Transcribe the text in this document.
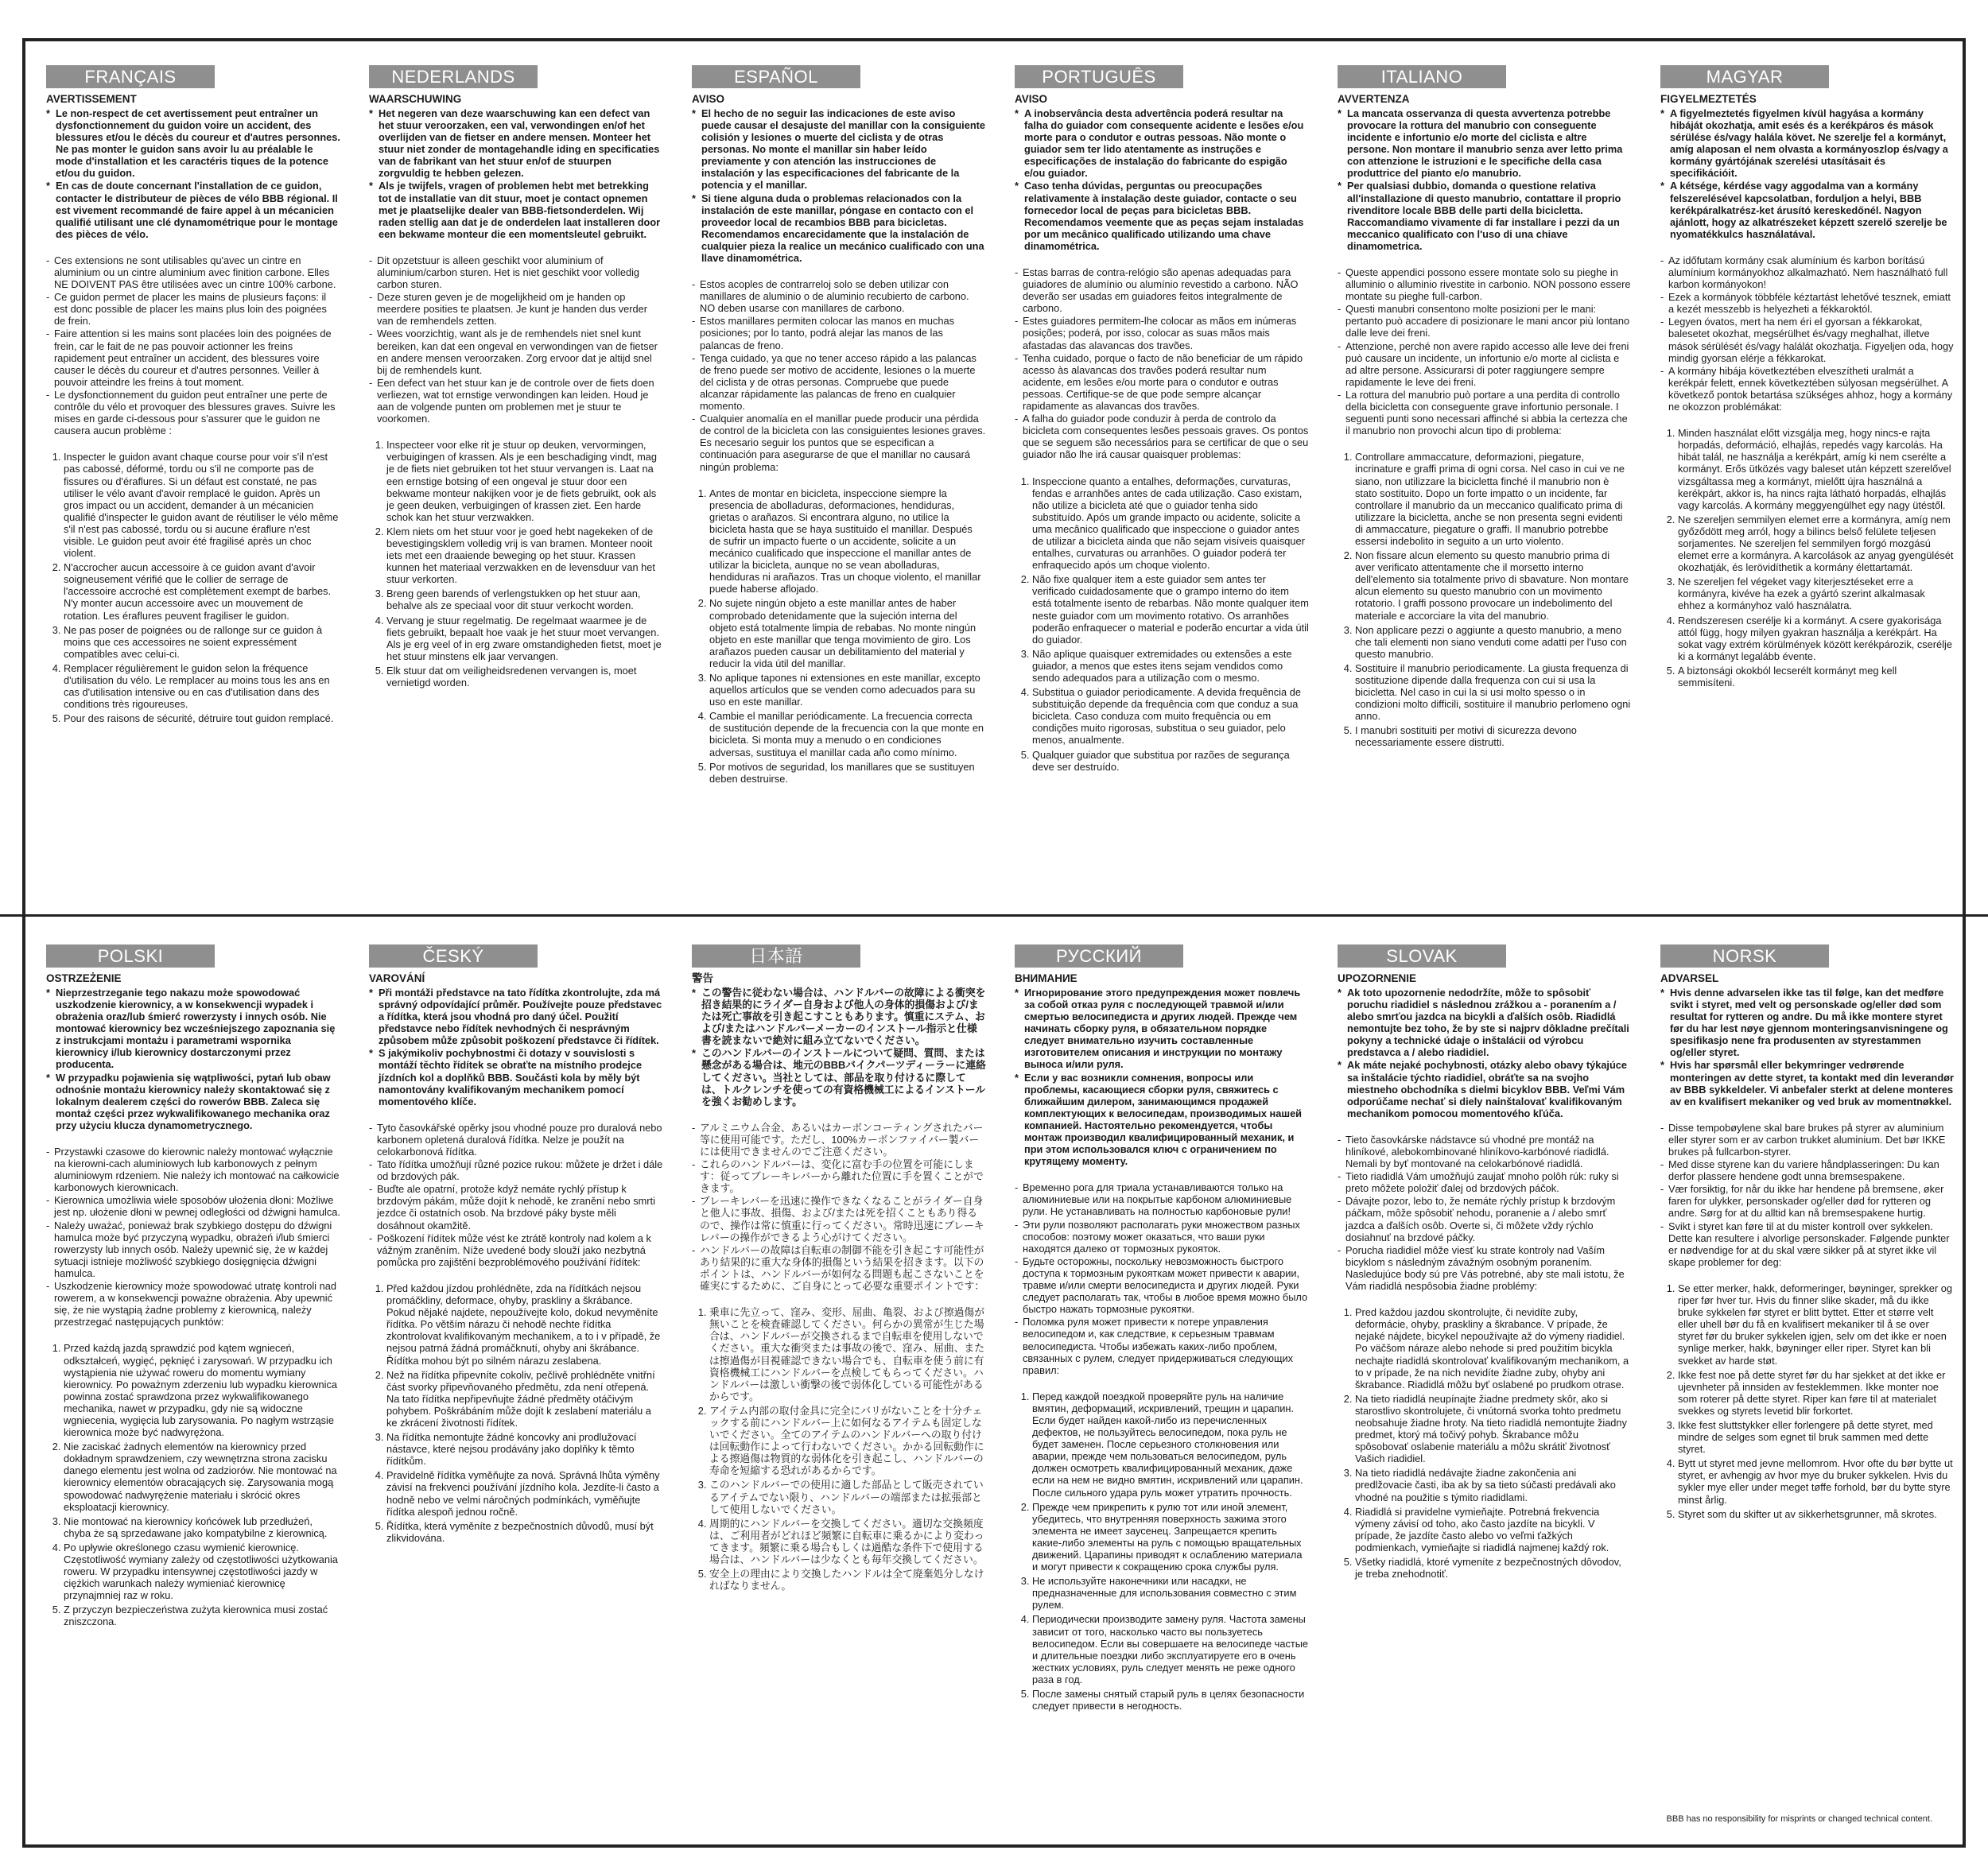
FRANÇAIS
AVERTISSEMENT
* Le non-respect de cet avertissement peut entraîner un dysfonctionnement du guidon voire un accident, des blessures et/ou le décès du coureur et d'autres personnes. Ne pas monter le guidon sans avoir lu au préalable le mode d'installation et les caractéris tiques de la potence et/ou du guidon.
* En cas de doute concernant l'installation de ce guidon, contacter le distributeur de pièces de vélo BBB régional. Il est vivement recommandé de faire appel à un mécanicien qualifié utilisant une clé dynamométrique pour le montage des pièces de vélo.
- Ces extensions ne sont utilisables qu'avec un cintre en aluminium ou un cintre aluminium avec finition carbone. Elles NE DOIVENT PAS être utilisées avec un cintre 100% carbone.
- Ce guidon permet de placer les mains de plusieurs façons: il est donc possible de placer les mains plus loin des poignées de frein.
- Faire attention si les mains sont placées loin des poignées de frein, car le fait de ne pas pouvoir actionner les freins rapidement peut entraîner un accident, des blessures voire causer le décès du coureur et d'autres personnes. Veiller à pouvoir atteindre les freins à tout moment.
- Le dysfonctionnement du guidon peut entraîner une perte de contrôle du vélo et provoquer des blessures graves. Suivre les mises en garde ci-dessous pour s'assurer que le guidon ne causera aucun problème :
1. Inspecter le guidon avant chaque course pour voir s'il n'est pas cabossé, déformé, tordu ou s'il ne comporte pas de fissures ou d'éraflures. Si un défaut est constaté, ne pas utiliser le vélo avant d'avoir remplacé le guidon. Après un gros impact ou un accident, demander à un mécanicien qualifié d'inspecter le guidon avant de réutiliser le vélo même s'il n'est pas cabossé, tordu ou si aucune éraflure n'est visible. Le guidon peut avoir été fragilisé après un choc violent.
2. N'accrocher aucun accessoire à ce guidon avant d'avoir soigneusement vérifié que le collier de serrage de l'accessoire accroché est complètement exempt de barbes. N'y monter aucun accessoire avec un mouvement de rotation. Les éraflures peuvent fragiliser le guidon.
3. Ne pas poser de poignées ou de rallonge sur ce guidon à moins que ces accessoires ne soient expressément compatibles avec celui-ci.
4. Remplacer régulièrement le guidon selon la fréquence d'utilisation du vélo. Le remplacer au moins tous les ans en cas d'utilisation intensive ou en cas d'utilisation dans des conditions très rigoureuses.
5. Pour des raisons de sécurité, détruire tout guidon remplacé.
NEDERLANDS
WAARSCHUWING
* Het negeren van deze waarschuwing kan een defect van het stuur veroorzaken, een val, verwondingen en/of het overlijden van de fietser en andere mensen. Monteer het stuur niet zonder de montagehandle iding en specificaties van de fabrikant van het stuur en/of de stuurpen zorgvuldig te hebben gelezen.
* Als je twijfels, vragen of problemen hebt met betrekking tot de installatie van dit stuur, moet je contact opnemen met je plaatselijke dealer van BBB-fietsonderdelen. Wij raden stellig aan dat je de onderdelen laat installeren door een bekwame monteur die een momentsleutel gebruikt.
- Dit opzetstuur is alleen geschikt voor aluminium of aluminium/carbon sturen. Het is niet geschikt voor volledig carbon sturen.
- Deze sturen geven je de mogelijkheid om je handen op meerdere posities te plaatsen. Je kunt je handen dus verder van de remhendels zetten.
- Wees voorzichtig, want als je de remhendels niet snel kunt bereiken, kan dat een ongeval en verwondingen van de fietser en andere mensen veroorzaken. Zorg ervoor dat je altijd snel bij de remhendels kunt.
- Een defect van het stuur kan je de controle over de fiets doen verliezen, wat tot ernstige verwondingen kan leiden. Houd je aan de volgende punten om problemen met je stuur te voorkomen.
1. Inspecteer voor elke rit je stuur op deuken, vervormingen, verbuigingen of krassen. Als je een beschadiging vindt, mag je de fiets niet gebruiken tot het stuur vervangen is. Laat na een ernstige botsing of een ongeval je stuur door een bekwame monteur nakijken voor je de fiets gebruikt, ook als je geen deuken, verbuigingen of krassen ziet. Een harde schok kan het stuur verzwakken.
2. Klem niets om het stuur voor je goed hebt nagekeken of de bevestigingsklem volledig vrij is van bramen. Monteer nooit iets met een draaiende beweging op het stuur. Krassen kunnen het materiaal verzwakken en de levensduur van het stuur verkorten.
3. Breng geen barends of verlengstukken op het stuur aan, behalve als ze speciaal voor dit stuur verkocht worden.
4. Vervang je stuur regelmatig. De regelmaat waarmee je de fiets gebruikt, bepaalt hoe vaak je het stuur moet vervangen. Als je erg veel of in erg zware omstandigheden fietst, moet je het stuur minstens elk jaar vervangen.
5. Elk stuur dat om veiligheidsredenen vervangen is, moet vernietigd worden.
ESPAÑOL
AVISO
* El hecho de no seguir las indicaciones de este aviso puede causar el desajuste del manillar con la consiguiente colisión y lesiones o muerte del ciclista y de otras personas. No monte el manillar sin haber leído previamente y con atención las instrucciones de instalación y las especificaciones del fabricante de la potencia y el manillar.
* Si tiene alguna duda o problemas relacionados con la instalación de este manillar, póngase en contacto con el proveedor local de recambios BBB para bicicletas. Recomendamos encarecidamente que la instalación de cualquier pieza la realice un mecánico cualificado con una llave dinamométrica.
- Estos acoples de contrarreloj solo se deben utilizar con manillares de aluminio o de aluminio recubierto de carbono. NO deben usarse con manillares de carbono.
- Estos manillares permiten colocar las manos en muchas posiciones; por lo tanto, podrá alejar las manos de las palancas de freno.
- Tenga cuidado, ya que no tener acceso rápido a las palancas de freno puede ser motivo de accidente, lesiones o la muerte del ciclista y de otras personas. Compruebe que puede alcanzar rápidamente las palancas de freno en cualquier momento.
- Cualquier anomalía en el manillar puede producir una pérdida de control de la bicicleta con las consiguientes lesiones graves. Es necesario seguir los puntos que se especifican a continuación para asegurarse de que el manillar no causará ningún problema:
1. Antes de montar en bicicleta, inspeccione siempre la presencia de abolladuras, deformaciones, hendiduras, grietas o arañazos. Si encontrara alguno, no utilice la bicicleta hasta que se haya sustituido el manillar. Después de sufrir un impacto fuerte o un accidente, solicite a un mecánico cualificado que inspeccione el manillar antes de utilizar la bicicleta, aunque no se vean abolladuras, hendiduras ni arañazos. Tras un choque violento, el manillar puede haberse aflojado.
2. No sujete ningún objeto a este manillar antes de haber comprobado detenidamente que la sujeción interna del objeto está totalmente limpia de rebabas. No monte ningún objeto en este manillar que tenga movimiento de giro. Los arañazos pueden causar un debilitamiento del material y reducir la vida útil del manillar.
3. No aplique tapones ni extensiones en este manillar, excepto aquellos artículos que se venden como adecuados para su uso en este manillar.
4. Cambie el manillar periódicamente. La frecuencia correcta de sustitución depende de la frecuencia con la que monte en bicicleta. Si monta muy a menudo o en condiciones adversas, sustituya el manillar cada año como mínimo.
5. Por motivos de seguridad, los manillares que se sustituyen deben destruirse.
PORTUGUÊS
AVISO
* A inobservância desta advertência poderá resultar na falha do guiador com consequente acidente e lesões e/ou morte para o condutor e outras pessoas. Não monte o guiador sem ter lido atentamente as instruções e especificações de instalação do fabricante do espigão e/ou guiador.
* Caso tenha dúvidas, perguntas ou preocupações relativamente à instalação deste guiador, contacte o seu fornecedor local de peças para bicicletas BBB. Recomendamos veemente que as peças sejam instaladas por um mecânico qualificado utilizando uma chave dinamométrica.
- Estas barras de contra-relógio são apenas adequadas para guiadores de alumínio ou alumínio revestido a carbono. NÃO deverão ser usadas em guiadores feitos integralmente de carbono.
- Estes guiadores permitem-lhe colocar as mãos em inúmeras posições; poderá, por isso, colocar as suas mãos mais afastadas das alavancas dos travões.
- Tenha cuidado, porque o facto de não beneficiar de um rápido acesso às alavancas dos travões poderá resultar num acidente, em lesões e/ou morte para o condutor e outras pessoas. Certifique-se de que pode sempre alcançar rapidamente as alavancas dos travões.
- A falha do guiador pode conduzir à perda de controlo da bicicleta com consequentes lesões pessoais graves. Os pontos que se seguem são necessários para se certificar de que o seu guiador não lhe irá causar quaisquer problemas:
1. Inspeccione quanto a entalhes, deformações, curvaturas, fendas e arranhões antes de cada utilização. Caso existam, não utilize a bicicleta até que o guiador tenha sido substituído. Após um grande impacto ou acidente, solicite a uma mecânico qualificado que inspeccione o guiador antes de utilizar a bicicleta ainda que não sejam visíveis quaisquer entalhes, curvaturas ou arranhões. O guiador poderá ter enfraquecido após um choque violento.
2. Não fixe qualquer item a este guiador sem antes ter verificado cuidadosamente que o grampo interno do item está totalmente isento de rebarbas. Não monte qualquer item neste guiador com um movimento rotativo. Os arranhões poderão enfraquecer o material e poderão encurtar a vida útil do guiador.
3. Não aplique quaisquer extremidades ou extensões a este guiador, a menos que estes itens sejam vendidos como sendo adequados para a utilização com o mesmo.
4. Substitua o guiador periodicamente. A devida frequência de substituição depende da frequência com que conduz a sua bicicleta. Caso conduza com muito frequência ou em condições muito rigorosas, substitua o seu guiador, pelo menos, anualmente.
5. Qualquer guiador que substitua por razões de segurança deve ser destruído.
ITALIANO
AVVERTENZA
* La mancata osservanza di questa avvertenza potrebbe provocare la rottura del manubrio con conseguente incidente e infortunio e/o morte del ciclista e altre persone. Non montare il manubrio senza aver letto prima con attenzione le istruzioni e le specifiche della casa produttrice del pianto e/o manubrio.
* Per qualsiasi dubbio, domanda o questione relativa all'installazione di questo manubrio, contattare il proprio rivenditore locale BBB delle parti della bicicletta. Raccomandiamo vivamente di far installare i pezzi da un meccanico qualificato con l'uso di una chiave dinamometrica.
- Queste appendici possono essere montate solo su pieghe in alluminio o alluminio rivestite in carbonio. NON possono essere montate su pieghe full-carbon.
- Questi manubri consentono molte posizioni per le mani: pertanto può accadere di posizionare le mani ancor più lontano dalle leve dei freni.
- Attenzione, perché non avere rapido accesso alle leve dei freni può causare un incidente, un infortunio e/o morte al ciclista e ad altre persone. Assicurarsi di poter raggiungere sempre rapidamente le leve dei freni.
- La rottura del manubrio può portare a una perdita di controllo della bicicletta con conseguente grave infortunio personale. I seguenti punti sono necessari affinché si abbia la certezza che il manubrio non provochi alcun tipo di problema:
1. Controllare ammaccature, deformazioni, piegature, incrinature e graffi prima di ogni corsa. Nel caso in cui ve ne siano, non utilizzare la bicicletta finché il manubrio non è stato sostituito. Dopo un forte impatto o un incidente, far controllare il manubrio da un meccanico qualificato prima di utilizzare la bicicletta, anche se non presenta segni evidenti di ammaccature, piegature o graffi. Il manubrio potrebbe essersi indebolito in seguito a un urto violento.
2. Non fissare alcun elemento su questo manubrio prima di aver verificato attentamente che il morsetto interno dell'elemento sia totalmente privo di sbavature. Non montare alcun elemento su questo manubrio con un movimento rotatorio. I graffi possono provocare un indebolimento del materiale e accorciare la vita del manubrio.
3. Non applicare pezzi o aggiunte a questo manubrio, a meno che tali elementi non siano venduti come adatti per l'uso con questo manubrio.
4. Sostituire il manubrio periodicamente. La giusta frequenza di sostituzione dipende dalla frequenza con cui si usa la bicicletta. Nel caso in cui la si usi molto spesso o in condizioni molto difficili, sostituire il manubrio perlomeno ogni anno.
5. I manubri sostituiti per motivi di sicurezza devono necessariamente essere distrutti.
MAGYAR
FIGYELMEZTETÉS
* A figyelmeztetés figyelmen kívül hagyása a kormány hibáját okozhatja, amit esés és a kerékpáros és mások sérülése és/vagy halála követ. Ne szerelje fel a kormányt, amíg alaposan el nem olvasta a kormányoszlop és/vagy a kormány gyártójának szerelési utasításait és specifikációit.
* A kétsége, kérdése vagy aggodalma van a kormány felszerelésével kapcsolatban, forduljon a helyi, BBB kerékpáralkatrész-ket árusító kereskedőnél. Nagyon ajánlott, hogy az alkatrészeket képzett szerelő szerelje be nyomatékkulcs használatával.
- Az időfutam kormány csak alumínium és karbon borítású alumínium kormányokhoz alkalmazható. Nem használható full karbon kormányokon!
- Ezek a kormányok többféle kéztartást lehetővé tesznek, emiatt a kezét messzebb is helyezheti a fékkaroktól.
- Legyen óvatos, mert ha nem éri el gyorsan a fékkarokat, balesetet okozhat, megsérülhet és/vagy meghalhat, illetve mások sérülését és/vagy halálát okozhatja. Figyeljen oda, hogy mindig gyorsan elérje a fékkarokat.
- A kormány hibája következtében elveszítheti uralmát a kerékpár felett, ennek következtében súlyosan megsérülhet. A következő pontok betartása szükséges ahhoz, hogy a kormány ne okozzon problémákat:
1. Minden használat előtt vizsgálja meg, hogy nincs-e rajta horpadás, deformáció, elhajlás, repedés vagy karcolás. Ha hibát talál, ne használja a kerékpárt, amíg ki nem cserélte a kormányt. Erős ütközés vagy baleset után képzett szerelővel vizsgáltassa meg a kormányt, mielőtt újra használná a kerékpárt, akkor is, ha nincs rajta látható horpadás, elhajlás vagy karcolás. A kormány meggyengülhet egy nagy ütéstől.
2. Ne szereljen semmilyen elemet erre a kormányra, amíg nem győződött meg arról, hogy a bilincs belső felülete teljesen sorjamentes. Ne szereljen fel semmilyen forgó mozgású elemet erre a kormányra. A karcolások az anyag gyengülését okozhatják, és lerövidíthetik a kormány élettartamát.
3. Ne szereljen fel végeket vagy kiterjesztéseket erre a kormányra, kivéve ha ezek a gyártó szerint alkalmasak ehhez a kormányhoz való használatra.
4. Rendszeresen cserélje ki a kormányt. A csere gyakorisága attól függ, hogy milyen gyakran használja a kerékpárt. Ha sokat vagy extrém körülmények között kerékpározik, cserélje ki a kormányt legalább évente.
5. A biztonsági okokból lecserélt kormányt meg kell semmisíteni.
POLSKI
OSTRZEŻENIE
* Nieprzestrzeganie tego nakazu może spowodować uszkodzenie kierownicy, a w konsekwencji wypadek i obrażenia oraz/lub śmierć rowerzysty i innych osób. Nie montować kierownicy bez wcześniejszego zapoznania się z instrukcjami montażu i parametrami wspornika kierownicy i/lub kierownicy dostarczonymi przez producenta.
* W przypadku pojawienia się wątpliwości, pytań lub obaw odnośnie montażu kierownicy należy skontaktować się z lokalnym dealerem części do rowerów BBB. Zaleca się montaż części przez wykwalifikowanego mechanika oraz przy użyciu klucza dynamometrycznego.
- Przystawki czasowe do kierownic należy montować wyłącznie na kierowni-cach aluminiowych lub karbonowych z pełnym aluminiowym rdzeniem. Nie należy ich montować na całkowicie karbonowych kierownicach.
- Kierownica umożliwia wiele sposobów ułożenia dłoni: Możliwe jest np. ułożenie dłoni w pewnej odległości od dźwigni hamulca.
- Należy uważać, ponieważ brak szybkiego dostępu do dźwigni hamulca może być przyczyną wypadku, obrażeń i/lub śmierci rowerzysty lub innych osób. Należy upewnić się, że w każdej sytuacji istnieje możliwość szybkiego dosięgnięcia dźwigni hamulca.
- Uszkodzenie kierownicy może spowodować utratę kontroli nad rowerem, a w konsekwencji poważne obrażenia. Aby upewnić się, że nie wystąpią żadne problemy z kierownicą, należy przestrzegać następujących punktów:
1. Przed każdą jazdą sprawdzić pod kątem wgnieceń, odkształceń, wygięć, pęknięć i zarysowań. W przypadku ich wystąpienia nie używać roweru do momentu wymiany kierownicy. Po poważnym zderzeniu lub wypadku kierownica powinna zostać sprawdzona przez wykwalifikowanego mechanika, nawet w przypadku, gdy nie są widoczne wgniecenia, wygięcia lub zarysowania. Po nagłym wstrząsie kierownica może być nadwyrężona.
2. Nie zaciskać żadnych elementów na kierownicy przed dokładnym sprawdzeniem, czy wewnętrzna strona zacisku danego elementu jest wolna od zadziorów. Nie montować na kierownicy elementów obracających się. Zarysowania mogą spowodować nadwyrężenie materiału i skrócić okres eksploatacji kierownicy.
3. Nie montować na kierownicy końcówek lub przedłużeń, chyba że są sprzedawane jako kompatybilne z kierownicą.
4. Po upływie określonego czasu wymienić kierownicę. Częstotliwość wymiany zależy od częstotliwości użytkowania roweru. W przypadku intensywnej częstotliwości jazdy w ciężkich warunkach należy wymieniać kierownicę przynajmniej raz w roku.
5. Z przyczyn bezpieczeństwa zużyta kierownica musi zostać zniszczona.
ČESKÝ
VAROVÁNÍ
* Při montáži představce na tato řídítka zkontrolujte, zda má správný odpovídající průměr. Používejte pouze představec a řídítka, která jsou vhodná pro daný účel. Použití představce nebo řídítek nevhodných či nesprávným způsobem může způsobit poškození představce či řídítek.
* S jakýmikoliv pochybnostmi či dotazy v souvislosti s montáží těchto řídítek se obraťte na místního prodejce jízdních kol a doplňků BBB. Součásti kola by měly být namontovány kvalifikovaným mechanikem pomocí momentového klíče.
- Tyto časovkářské opěrky jsou vhodné pouze pro duralová nebo karbonem opletená duralová řídítka. Nelze je použít na celokarbonová řídítka.
- Tato řídítka umožňují různé pozice rukou: můžete je držet i dále od brzdových pák.
- Buďte ale opatrní, protože když nemáte rychlý přístup k brzdovým pákám, může dojít k nehodě, ke zranění nebo smrti jezdce či ostatních osob. Na brzdové páky byste měli dosáhnout okamžitě.
- Poškození řídítek může vést ke ztrátě kontroly nad kolem a k vážným zraněním. Níže uvedené body slouží jako nezbytná pomůcka pro zajištění bezproblémového používání řídítek:
1. Před každou jízdou prohlédněte, zda na řídítkách nejsou promáčkliny, deformace, ohyby, praskliny a škrábance. Pokud nějaké najdete, nepoužívejte kolo, dokud nevyměníte řídítka. Po větším nárazu či nehodě nechte řídítka zkontrolovat kvalifikovaným mechanikem, a to i v případě, že nejsou patrná žádná promáčknutí, ohyby ani škrábance. Řídítka mohou být po silném nárazu zeslabena.
2. Než na řídítka připevníte cokoliv, pečlivě prohlédněte vnitřní část svorky připevňovaného předmětu, zda není otřepená. Na tato řídítka nepřipevňujte žádné předměty otáčivým pohybem. Poškrábáním může dojít k zeslabení materiálu a ke zkrácení životnosti řídítek.
3. Na řídítka nemontujte žádné koncovky ani prodlužovací nástavce, které nejsou prodávány jako doplňky k těmto řídítkům.
4. Pravidelně řídítka vyměňujte za nová. Správná lhůta výměny závisí na frekvenci používání jízdního kola. Jezdíte-li často a hodně nebo ve velmi náročných podmínkách, vyměňujte řídítka alespoň jednou ročně.
5. Řídítka, která vyměníte z bezpečnostních důvodů, musí být zlikvidována.
日本語
警告
* この警告に従わない場合は、ハンドルバーの故障による衝突を招き結果的にライダー自身および他人の身体的損傷および/または死亡事故を引き起こすこともあります。慎重にステム、および/またはハンドルバーメーカーのインストール指示と仕様書を読まないで絶対に組み立てないでください。
* このハンドルバーのインストールについて疑問、質問、または懸念がある場合は、地元のBBBバイクパーツディーラーに連絡してください。当社としては、部品を取り付けるに際しては、トルクレンチを使っての有資格機械工によるインストールを強くお勧めします。
- アルミニウム合金、あるいはカーボンコーティングされたバー等に使用可能です。ただし、100%カーボンファイバー製バーには使用できませんのでご注意ください。
- これらのハンドルバーは、変化に富む手の位置を可能にします：従ってブレーキレバーから離れた位置に手を置くことができます。
- ブレーキレバーを迅速に操作できなくなることがライダー自身と他人に事故、損傷、および/または死を招くこともあり得るので、操作は常に慎重に行ってください。常時迅速にブレーキレバーの操作ができるよう心がけてください。
- ハンドルバーの故障は自転車の制御不能を引き起こす可能性があり結果的に重大な身体的損傷という結果を招きます。以下のポイントは、ハンドルバーが如何なる問題も起こさないことを確実にするために、ご自身にとって必要な重要ポイントです：
1. 乗車に先立って、窪み、変形、屈曲、亀裂、および擦過傷が無いことを検査確認してください。何らかの異常が生じた場合は、ハンドルバーが交換されるまで自転車を使用しないでください。重大な衝突または事故の後で、窪み、屈曲、または擦過傷が目視確認できない場合でも、自転車を使う前に有資格機械工にハンドルバーを点検してもらってください。ハンドルバーは激しい衝撃の後で弱体化している可能性があるからです。
2. アイテム内部の取付金具に完全にバリがないことを十分チェックする前にハンドルバー上に如何なるアイテムも固定しないでください。全てのアイテムのハンドルバーへの取り付けは回転動作によって行わないでください。かかる回転動作による擦過傷は物質的な弱体化を引き起こし、ハンドルバーの寿命を短縮する恐れがあるからです。
3. このハンドルバーでの使用に適した部品として販売されているアイテムでない限り、ハンドルバーの端部または拡張部として使用しないでください。
4. 周期的にハンドルバーを交換してください。適切な交換頻度は、ご利用者がどれほど頻繁に自転車に乗るかにより変わってきます。頻繁に乗る場合もしくは過酷な条件下で使用する場合は、ハンドルバーは少なくとも毎年交換してください。
5. 安全上の理由により交換したハンドルは全て廃棄処分しなければなりません。
РУССКИЙ
ВНИМАНИЕ
* Игнорирование этого предупреждения может повлечь за собой отказ руля с последующей травмой и/или смертью велосипедиста и других людей. Прежде чем начинать сборку руля, в обязательном порядке следует внимательно изучить составленные изготовителем описания и инструкции по монтажу выноса и/или руля.
* Если у вас возникли сомнения, вопросы или проблемы, касающиеся сборки руля, свяжитесь с ближайшим дилером, занимающимся продажей комплектующих к велосипедам, производимых нашей компанией. Настоятельно рекомендуется, чтобы монтаж производил квалифицированный механик, и при этом использовался ключ с ограничением по крутящему моменту.
- Временно рога для триала устанавливаются только на алюминиевые или на покрытые карбоном алюминиевые рули. Не устанавливать на полностью карбоновые рули!
- Эти рули позволяют располагать руки множеством разных способов: поэтому может оказаться, что ваши руки находятся далеко от тормозных рукояток.
- Будьте осторожны, поскольку невозможность быстрого доступа к тормозным рукояткам может привести к аварии, травме и/или смерти велосипедиста и других людей. Руки следует располагать так, чтобы в любое время можно было быстро нажать тормозные рукоятки.
- Поломка руля может привести к потере управления велосипедом и, как следствие, к серьезным травмам велосипедиста. Чтобы избежать каких-либо проблем, связанных с рулем, следует придерживаться следующих правил:
1. Перед каждой поездкой проверяйте руль на наличие вмятин, деформаций, искривлений, трещин и царапин. Если будет найден какой-либо из перечисленных дефектов, не пользуйтесь велосипедом, пока руль не будет заменен. После серьезного столкновения или аварии, прежде чем пользоваться велосипедом, руль должен осмотреть квалифицированный механик, даже если на нем не видно вмятин, искривлений или царапин. После сильного удара руль может утратить прочность.
2. Прежде чем прикрепить к рулю тот или иной элемент, убедитесь, что внутренняя поверхность зажима этого элемента не имеет заусенец. Запрещается крепить какие-либо элементы на руль с помощью вращательных движений. Царапины приводят к ослаблению материала и могут привести к сокращению срока службы руля.
3. Не используйте наконечники или насадки, не предназначенные для использования совместно с этим рулем.
4. Периодически производите замену руля. Частота замены зависит от того, насколько часто вы пользуетесь велосипедом. Если вы совершаете на велосипеде частые и длительные поездки либо эксплуатируете его в очень жестких условиях, руль следует менять не реже одного раза в год.
5. После замены снятый старый руль в целях безопасности следует привести в негодность.
SLOVAK
UPOZORNENIE
* Ak toto upozornenie nedodržíte, môže to spôsobiť poruchu riadidiel s následnou zrážkou a - poranením a / alebo smrťou jazdca na bicykli a ďalších osôb. Riadidlá nemontujte bez toho, že by ste si najprv dôkladne prečítali pokyny a technické údaje o inštalácii od výrobcu predstavca a / alebo riadidiel.
* Ak máte nejaké pochybnosti, otázky alebo obavy týkajúce sa inštalácie týchto riadidiel, obráťte sa na svojho miestneho obchodníka s dielmi bicyklov BBB. Veľmi Vám odporúčame nechať si diely nainštalovať kvalifikovaným mechanikom pomocou momentového kľúča.
- Tieto časovkárske nádstavce sú vhodné pre montáž na hliníkové, alebokombinované hliníkovo-karbónové riadidlá. Nemali by byť montované na celokarbónové riadidlá.
- Tieto riadidlá Vám umožňujú zaujať mnoho polôh rúk: ruky si preto môžete položiť ďalej od brzdových páčok.
- Dávajte pozor, lebo to, že nemáte rýchly prístup k brzdovým páčkam, môže spôsobiť nehodu, poranenie a / alebo smrť jazdca a ďalších osôb. Overte si, či môžete vždy rýchlo dosiahnuť na brzdové páčky.
- Porucha riadidiel môže viesť ku strate kontroly nad Vaším bicyklom s následným závažným osobným poranením. Nasledujúce body sú pre Vás potrebné, aby ste mali istotu, že Vám riadidlá nespôsobia žiadne problémy:
1. Pred každou jazdou skontrolujte, či nevidíte zuby, deformácie, ohyby, praskliny a škrabance. V prípade, že nejaké nájdete, bicykel nepoužívajte až do výmeny riadidiel. Po väčšom náraze alebo nehode si pred použitím bicykla nechajte riadidlá skontrolovať kvalifikovaným mechanikom, a to v prípade, že na nich nevidíte žiadne zuby, ohyby ani škrabance. Riadidlá môžu byť oslabené po prudkom otrase.
2. Na tieto riadidlá neupínajte žiadne predmety skôr, ako si starostlivo skontrolujete, či vnútorná svorka tohto predmetu neobsahuje žiadne hroty. Na tieto riadidlá nemontujte žiadny predmet, ktorý má točivý pohyb. Škrabance môžu spôsobovať oslabenie materiálu a môžu skrátiť životnosť Vašich riadidiel.
3. Na tieto riadidlá nedávajte žiadne zakončenia ani predlžovacie časti, iba ak by sa tieto súčasti predávali ako vhodné na použitie s týmito riadidlami.
4. Riadidlá si pravidelne vymieňajte. Potrebná frekvencia výmeny závisí od toho, ako často jazdíte na bicykli. V prípade, že jazdíte často alebo vo veľmi ťažkých podmienkach, vymieňajte si riadidlá najmenej každý rok.
5. Všetky riadidlá, ktoré vymeníte z bezpečnostných dôvodov, je treba znehodnotiť.
NORSK
ADVARSEL
* Hvis denne advarselen ikke tas til følge, kan det medføre svikt i styret, med velt og personskade og/eller død som resultat for rytteren og andre. Du må ikke montere styret før du har lest nøye gjennom monteringsanvisningene og spesifikasjo nene fra produsenten av styrestammen og/eller styret.
* Hvis har spørsmål eller bekymringer vedrørende monteringen av dette styret, ta kontakt med din leverandør av BBB sykkeldeler. Vi anbefaler sterkt at delene monteres av en kvalifisert mekaniker og ved bruk av momentnøkkel.
- Disse tempobøylene skal bare brukes på styrer av aluminium eller styrer som er av carbon trukket aluminium. Det bør IKKE brukes på fullcarbon-styrer.
- Med disse styrene kan du variere håndplasseringen: Du kan derfor plassere hendene godt unna bremsespakene.
- Vær forsiktig, for når du ikke har hendene på bremsene, øker faren for ulykker, personskader og/eller død for rytteren og andre. Sørg for at du alltid kan nå bremsespakene hurtig.
- Svikt i styret kan føre til at du mister kontroll over sykkelen. Dette kan resultere i alvorlige personskader. Følgende punkter er nødvendige for at du skal være sikker på at styret ikke vil skape problemer for deg:
1. Se etter merker, hakk, deformeringer, bøyninger, sprekker og riper før hver tur. Hvis du finner slike skader, må du ikke bruke sykkelen før styret er blitt byttet. Etter et større velt eller uhell bør du få en kvalifisert mekaniker til å se over styret før du bruker sykkelen igjen, selv om det ikke er noen synlige merker, hakk, bøyninger eller riper. Styret kan bli svekket av harde støt.
2. Ikke fest noe på dette styret før du har sjekket at det ikke er ujevnheter på innsiden av festeklemmen. Ikke monter noe som roterer på dette styret. Riper kan føre til at materialet svekkes og styrets levetid blir forkortet.
3. Ikke fest sluttstykker eller forlengere på dette styret, med mindre de selges som egnet til bruk sammen med dette styret.
4. Bytt ut styret med jevne mellomrom. Hvor ofte du bør bytte ut styret, er avhengig av hvor mye du bruker sykkelen. Hvis du sykler mye eller under meget tøffe forhold, bør du bytte styre minst årlig.
5. Styret som du skifter ut av sikkerhetsgrunner, må skrotes.
BBB has no responsibility for misprints or changed technical content.
